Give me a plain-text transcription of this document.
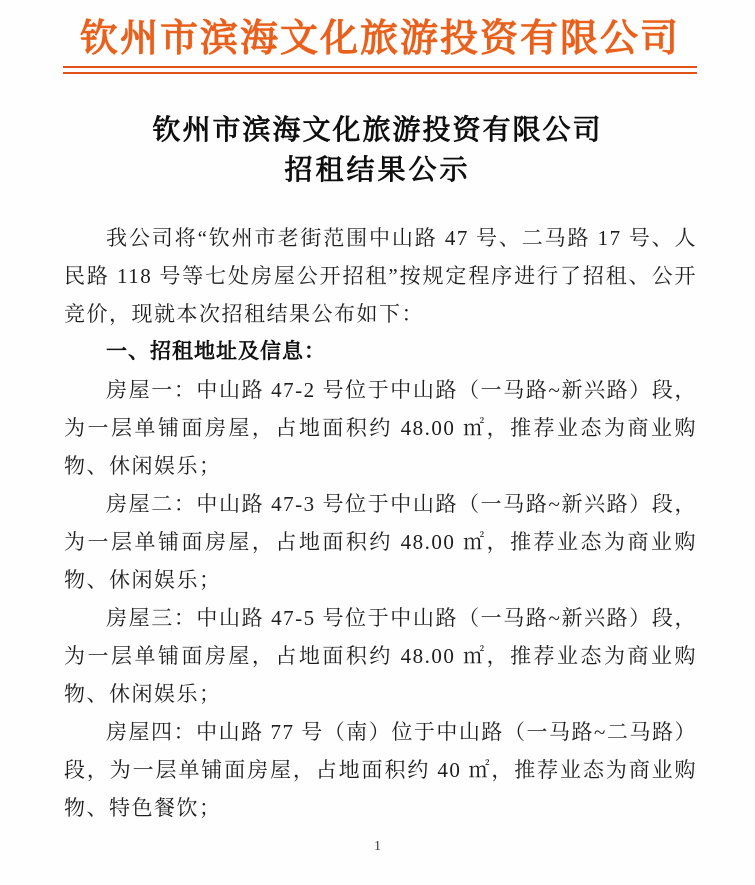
钦州市滨海文化旅游投资有限公司
钦州市滨海文化旅游投资有限公司
招租结果公示

我公司将“钦州市老街范围中山路 47 号、二马路 17 号、人民路 118 号等七处房屋公开招租”按规定程序进行了招租、公开竞价，现就本次招租结果公布如下：

一、招租地址及信息：

房屋一：中山路 47-2 号位于中山路（一马路~新兴路）段，为一层单铺面房屋，占地面积约 48.00 ㎡，推荐业态为商业购物、休闲娱乐；

房屋二：中山路 47-3 号位于中山路（一马路~新兴路）段，为一层单铺面房屋，占地面积约 48.00 ㎡，推荐业态为商业购物、休闲娱乐；

房屋三：中山路 47-5 号位于中山路（一马路~新兴路）段，为一层单铺面房屋，占地面积约 48.00 ㎡，推荐业态为商业购物、休闲娱乐；

房屋四：中山路 77 号（南）位于中山路（一马路~二马路）段，为一层单铺面房屋，占地面积约 40 ㎡，推荐业态为商业购物、特色餐饮；

1
